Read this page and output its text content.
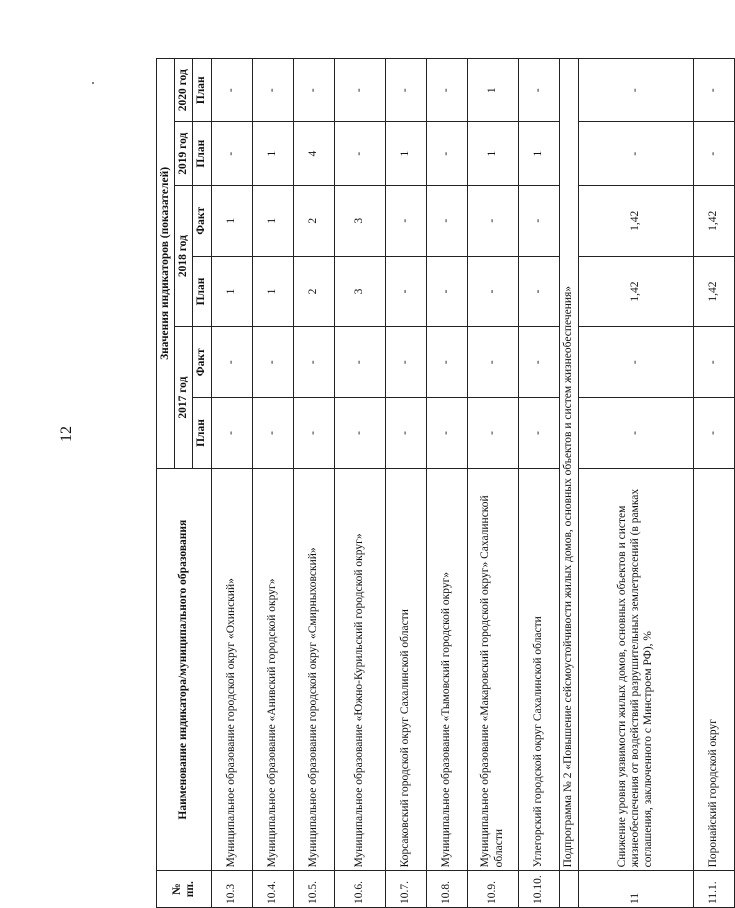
12
№ пп.	Наименование индикатора/муниципального образования	Значения индикаторов (показателей)					
		2017 год		2018 год		2019 год	2020 год

		План	Факт	План	Факт	План	План
10.3	Муниципальное образование городской округ «Охинский»	-	-	1	1	-	-
10.4.	Муниципальное образование «Анивский городской округ»	-	-	1	1	1	-
10.5.	Муниципальное образование городской округ «Смирныховский»	-	-	2	2	4	-
10.6.	Муниципальное образование «Южно-Курильский городской округ»	-	-	3	3	-	-
10.7.	Корсаковский городской округ Сахалинской области	-	-	-	-	1	-
10.8.	Муниципальное образование «Тымовский городской округ»	-	-	-	-	-	-
10.9.	Муниципальное образование «Макаровский городской округ» Сахалинской области	-	-	-	-	1	1
10.10.	Углегорский городской округ Сахалинской области	-	-	-	-	1	-
	Подпрограмма № 2 «Повышение сейсмоустойчивости жилых домов, основных объектов и систем жизнеобеспечения»						
11	Снижение уровня уязвимости жилых домов, основных объектов и систем жизнеобеспечения от воздействий разрушительных землетрясений (в рамках соглашения, заключенного с Минстроем РФ), %	-	-	1,42	1,42	-	-
11.1.	Поронайский городской округ	-	-	1,42	1,42	-	-
